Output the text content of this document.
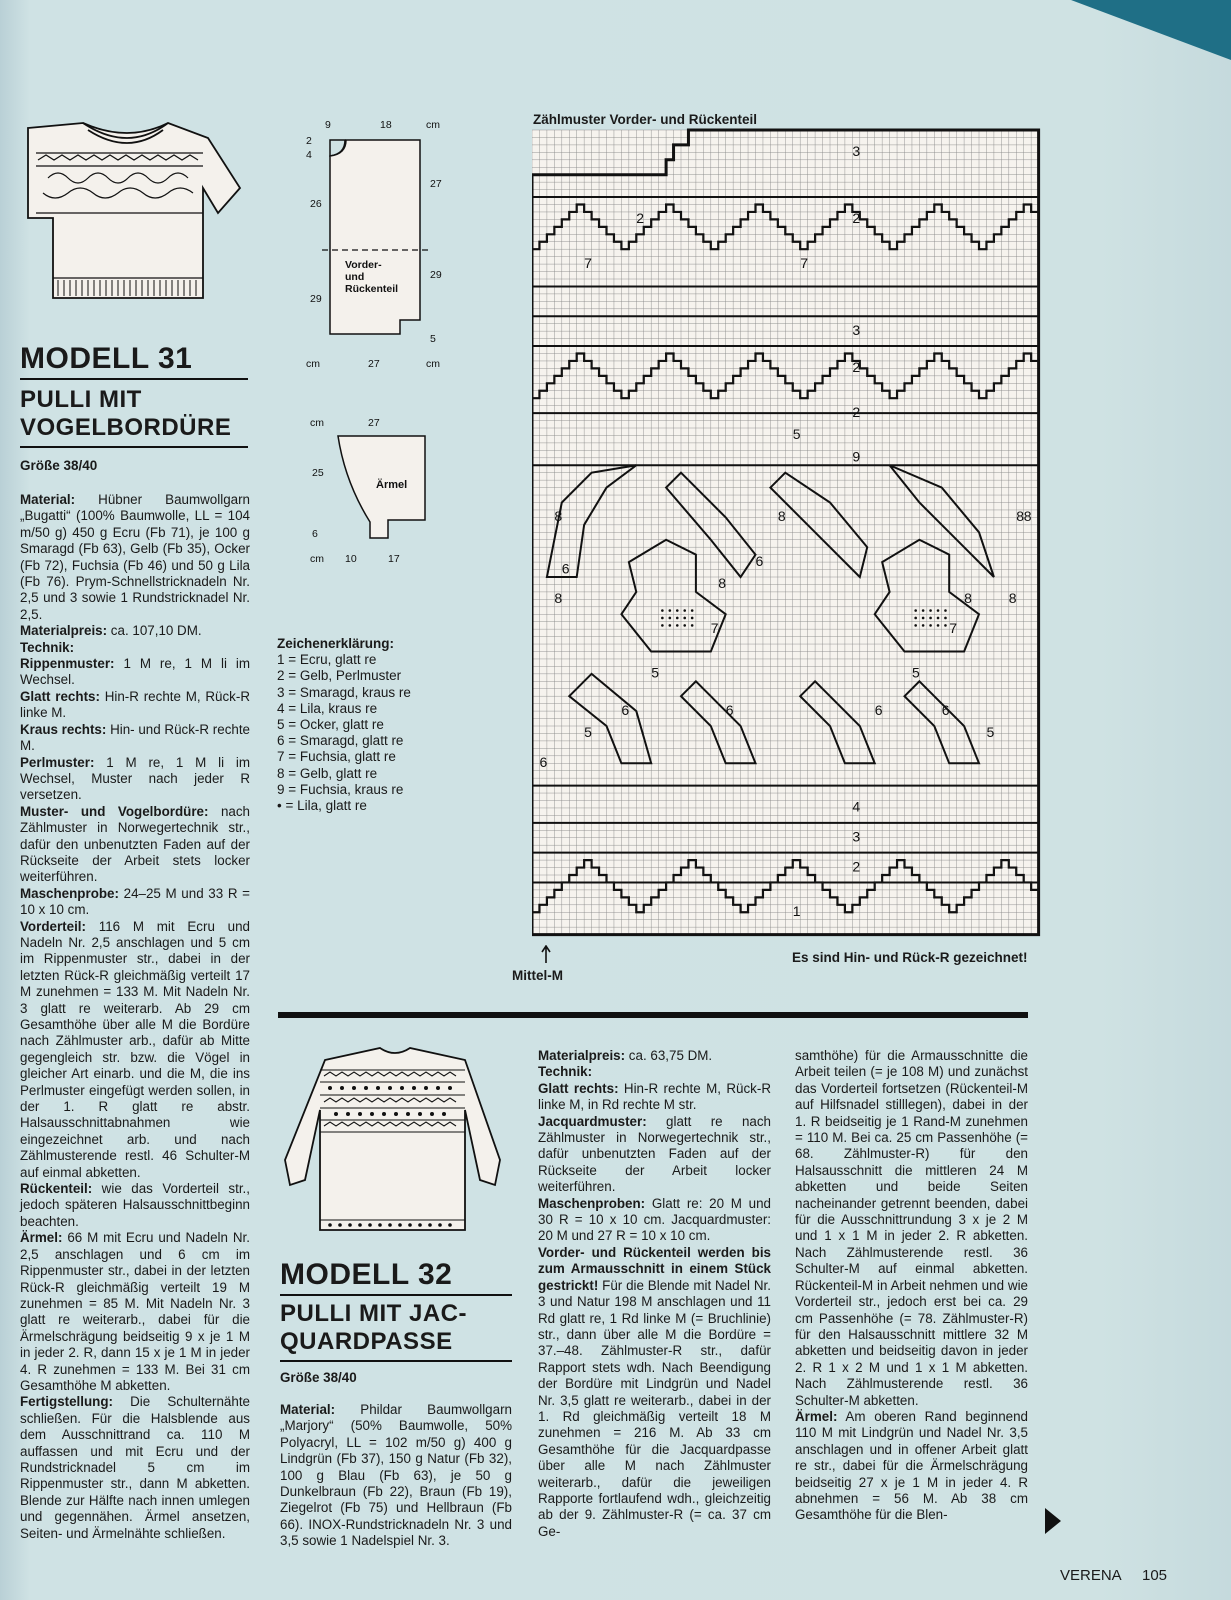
MODELL 31
PULLI MIT
VOGELBORDÜRE
Größe 38/40

Material: Hübner Baumwollgarn „Bugatti“ (100% Baumwolle, LL = 104 m/50 g) 450 g Ecru (Fb 71), je 100 g Smaragd (Fb 63), Gelb (Fb 35), Ocker (Fb 72), Fuchsia (Fb 46) und 50 g Lila (Fb 76). Prym-Schnellstricknadeln Nr. 2,5 und 3 sowie 1 Rundstricknadel Nr. 2,5.

Materialpreis: ca. 107,10 DM.

Technik:

Rippenmuster: 1 M re, 1 M li im Wechsel.

Glatt rechts: Hin-R rechte M, Rück-R linke M.

Kraus rechts: Hin- und Rück-R rechte M.

Perlmuster: 1 M re, 1 M li im Wechsel, Muster nach jeder R versetzen.

Muster- und Vogelbordüre: nach Zählmuster in Norwegertechnik str., dafür den unbenutzten Faden auf der Rückseite der Arbeit stets locker weiterführen.

Maschenprobe: 24–25 M und 33 R = 10 x 10 cm.

Vorderteil: 116 M mit Ecru und Nadeln Nr. 2,5 anschlagen und 5 cm im Rippenmuster str., dabei in der letzten Rück-R gleichmäßig verteilt 17 M zunehmen = 133 M. Mit Nadeln Nr. 3 glatt re weiterarb. Ab 29 cm Gesamthöhe über alle M die Bordüre nach Zählmuster arb., dafür ab Mitte gegengleich str. bzw. die Vögel in gleicher Art einarb. und die M, die ins Perlmuster eingefügt werden sollen, in der 1. R glatt re abstr. Halsausschnittabnahmen wie eingezeichnet arb. und nach Zählmusterende restl. 46 Schulter-M auf einmal abketten.

Rückenteil: wie das Vorderteil str., jedoch späteren Halsausschnittbeginn beachten.

Ärmel: 66 M mit Ecru und Nadeln Nr. 2,5 anschlagen und 6 cm im Rippenmuster str., dabei in der letzten Rück-R gleichmäßig verteilt 19 M zunehmen = 85 M. Mit Nadeln Nr. 3 glatt re weiterarb., dabei für die Ärmelschrägung beidseitig 9 x je 1 M in jeder 2. R, dann 15 x je 1 M in jeder 4. R zunehmen = 133 M. Bei 31 cm Gesamthöhe M abketten.

Fertigstellung: Die Schulternähte schließen. Für die Halsblende aus dem Ausschnittrand ca. 110 M auffassen und mit Ecru und der Rundstricknadel 5 cm im Rippenmuster str., dann M abketten. Blende zur Hälfte nach innen umlegen und gegennähen. Ärmel ansetzen, Seiten- und Ärmelnähte schließen.

9	18	cm
2
4
26
29
27
29
5
cm	27	cm
Vorder-
und
Rückenteil
cm	27
25
6
cm 10	17
Ärmel
Zeichenerklärung:
1 = Ecru, glatt re
2 = Gelb, Perlmuster
3 = Smaragd, kraus re
4 = Lila, kraus re
5 = Ocker, glatt re
6 = Smaragd, glatt re
7 = Fuchsia, glatt re
8 = Gelb, glatt re
9 = Fuchsia, kraus re
• = Lila, glatt re
Zählmuster Vorder- und Rückenteil
3
2
2
7	7
3
2
2
5
9
8	8	8 8
6	6
8
8
8	8
7	7
5	5
6	6	6	6
5	5
6
4
3
2
1
Es sind Hin- und Rück-R gezeichnet!
Mittel-M
MODELL 32
PULLI MIT JAC-
QUARDPASSE
Größe 38/40

Material: Phildar Baumwollgarn „Marjory“ (50% Baumwolle, 50% Polyacryl, LL = 102 m/50 g) 400 g Lindgrün (Fb 37), 150 g Natur (Fb 32), 100 g Blau (Fb 63), je 50 g Dunkelbraun (Fb 22), Braun (Fb 19), Ziegelrot (Fb 75) und Hellbraun (Fb 66). INOX-Rundstricknadeln Nr. 3 und 3,5 sowie 1 Nadelspiel Nr. 3.

Materialpreis: ca. 63,75 DM.

Technik:

Glatt rechts: Hin-R rechte M, Rück-R linke M, in Rd rechte M str.

Jacquardmuster: glatt re nach Zählmuster in Norwegertechnik str., dafür unbenutzten Faden auf der Rückseite der Arbeit locker weiterführen.

Maschenproben: Glatt re: 20 M und 30 R = 10 x 10 cm. Jacquardmuster: 20 M und 27 R = 10 x 10 cm.

Vorder- und Rückenteil werden bis zum Armausschnitt in einem Stück gestrickt! Für die Blende mit Nadel Nr. 3 und Natur 198 M anschlagen und 11 Rd glatt re, 1 Rd linke M (= Bruchlinie) str., dann über alle M die Bordüre = 37.–48. Zählmuster-R str., dafür Rapport stets wdh. Nach Beendigung der Bordüre mit Lindgrün und Nadel Nr. 3,5 glatt re weiterarb., dabei in der 1. Rd gleichmäßig verteilt 18 M zunehmen = 216 M. Ab 33 cm Gesamthöhe für die Jacquardpasse über alle M nach Zählmuster weiterarb., dafür die jeweiligen Rapporte fortlaufend wdh., gleichzeitig ab der 9. Zählmuster-R (= ca. 37 cm Ge-

samthöhe) für die Armausschnitte die Arbeit teilen (= je 108 M) und zunächst das Vorderteil fortsetzen (Rückenteil-M auf Hilfsnadel stilllegen), dabei in der 1. R beidseitig je 1 Rand-M zunehmen = 110 M. Bei ca. 25 cm Passenhöhe (= 68. Zählmuster-R) für den Halsausschnitt die mittleren 24 M abketten und beide Seiten nacheinander getrennt beenden, dabei für die Ausschnittrundung 3 x je 2 M und 1 x 1 M in jeder 2. R abketten. Nach Zählmusterende restl. 36 Schulter-M auf einmal abketten. Rückenteil-M in Arbeit nehmen und wie Vorderteil str., jedoch erst bei ca. 29 cm Passenhöhe (= 78. Zählmuster-R) für den Halsausschnitt mittlere 32 M abketten und beidseitig davon in jeder 2. R 1 x 2 M und 1 x 1 M abketten. Nach Zählmusterende restl. 36 Schulter-M abketten.

Ärmel: Am oberen Rand beginnend 110 M mit Lindgrün und Nadel Nr. 3,5 anschlagen und in offener Arbeit glatt re str., dabei für die Ärmelschrägung beidseitig 27 x je 1 M in jeder 4. R abnehmen = 56 M. Ab 38 cm Gesamthöhe für die Blen-

VERENA 105
